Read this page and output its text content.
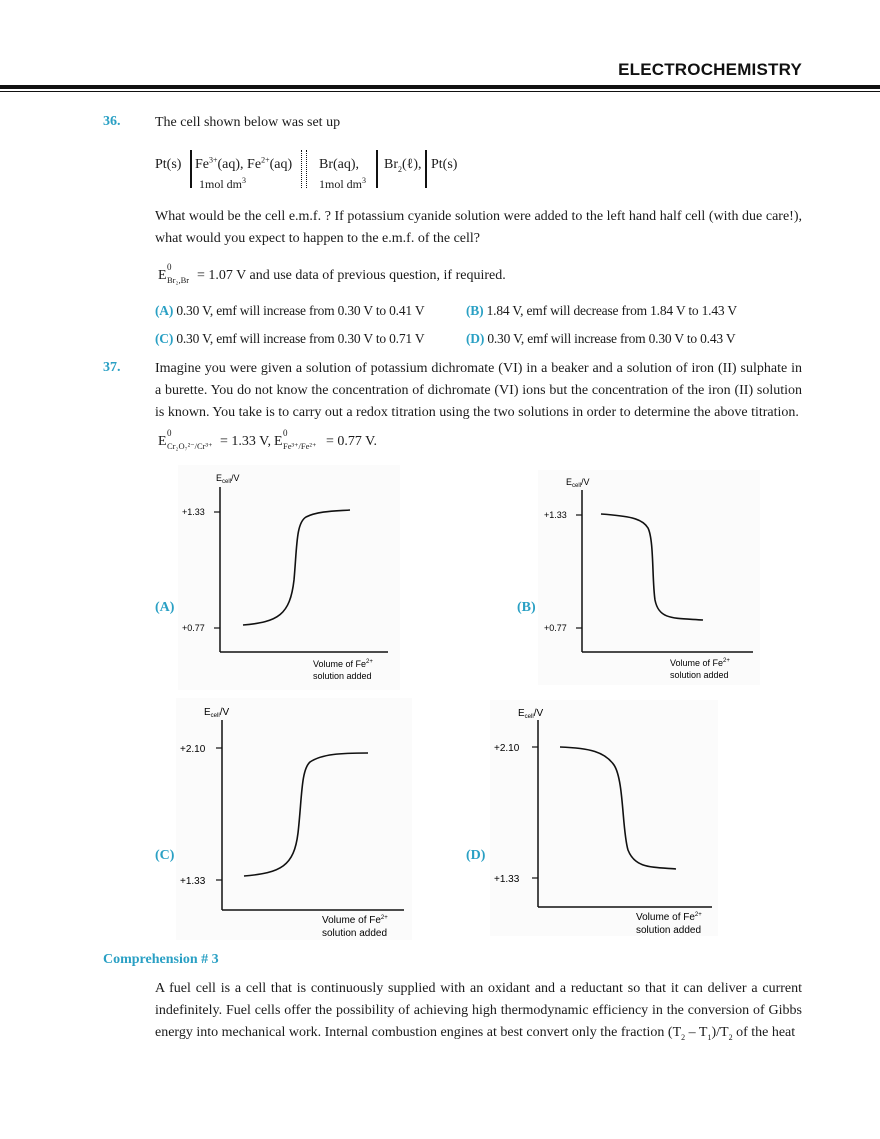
ELECTROCHEMISTRY
36. The cell shown below was set up
Pt(s) $Fe^{3+}(aq)$, $Fe^{2+}(aq)$
1mol $dm^3$
Br(aq),
1mol $dm^3$
$Br_2(\ell)$, Pt(s)
What would be the cell e.m.f. ? If potassium cyanide solution were added to the left hand half cell (with due care!), what would you expect to happen to the e.m.f. of the cell?
E
0
Br₂,Br = 1.07 V and use data of previous question, if required.
(A) 0.30 V, emf will increase from 0.30 V to 0.41 V	(B) 1.84 V, emf will decrease from 1.84 V to 1.43 V
(C) 0.30 V, emf will increase from 0.30 V to 0.71 V	(D) 0.30 V, emf will increase from 0.30 V to 0.43 V
37. Imagine you were given a solution of potassium dichromate (VI) in a beaker and a solution of iron (II) sulphate in a burette. You do not know the concentration of dichromate (VI) ions but the concentration of the iron (II) solution is known. You take is to carry out a redox titration using the two solutions in order to determine the above titration.
E
0
Cr₂O₇²⁻/Cr³⁺ = 1.33 V, E
0
Fe³⁺/Fe²⁺ = 0.77 V.
(A)	(B)
(C)	(D)
$E_{cell}/V$
+1.33
+0.77
Volume of $Fe^{2+}$
solution added
$E_{cell}/V$
+1.33
+0.77
Volume of $Fe^{2+}$
solution added
$E_{cell}/V$
+2.10
+1.33
Volume of $Fe^{2+}$
solution added
$E_{cell}/V$
+2.10
+1.33
Volume of $Fe^{2+}$
solution added
Comprehension # 3
A fuel cell is a cell that is continuously supplied with an oxidant and a reductant so that it can deliver a current indefinitely. Fuel cells offer the possibility of achieving high thermodynamic efficiency in the conversion of Gibbs energy into mechanical work. Internal combustion engines at best convert only the fraction $(T_2 - T_1)/T_2$ of the heat
